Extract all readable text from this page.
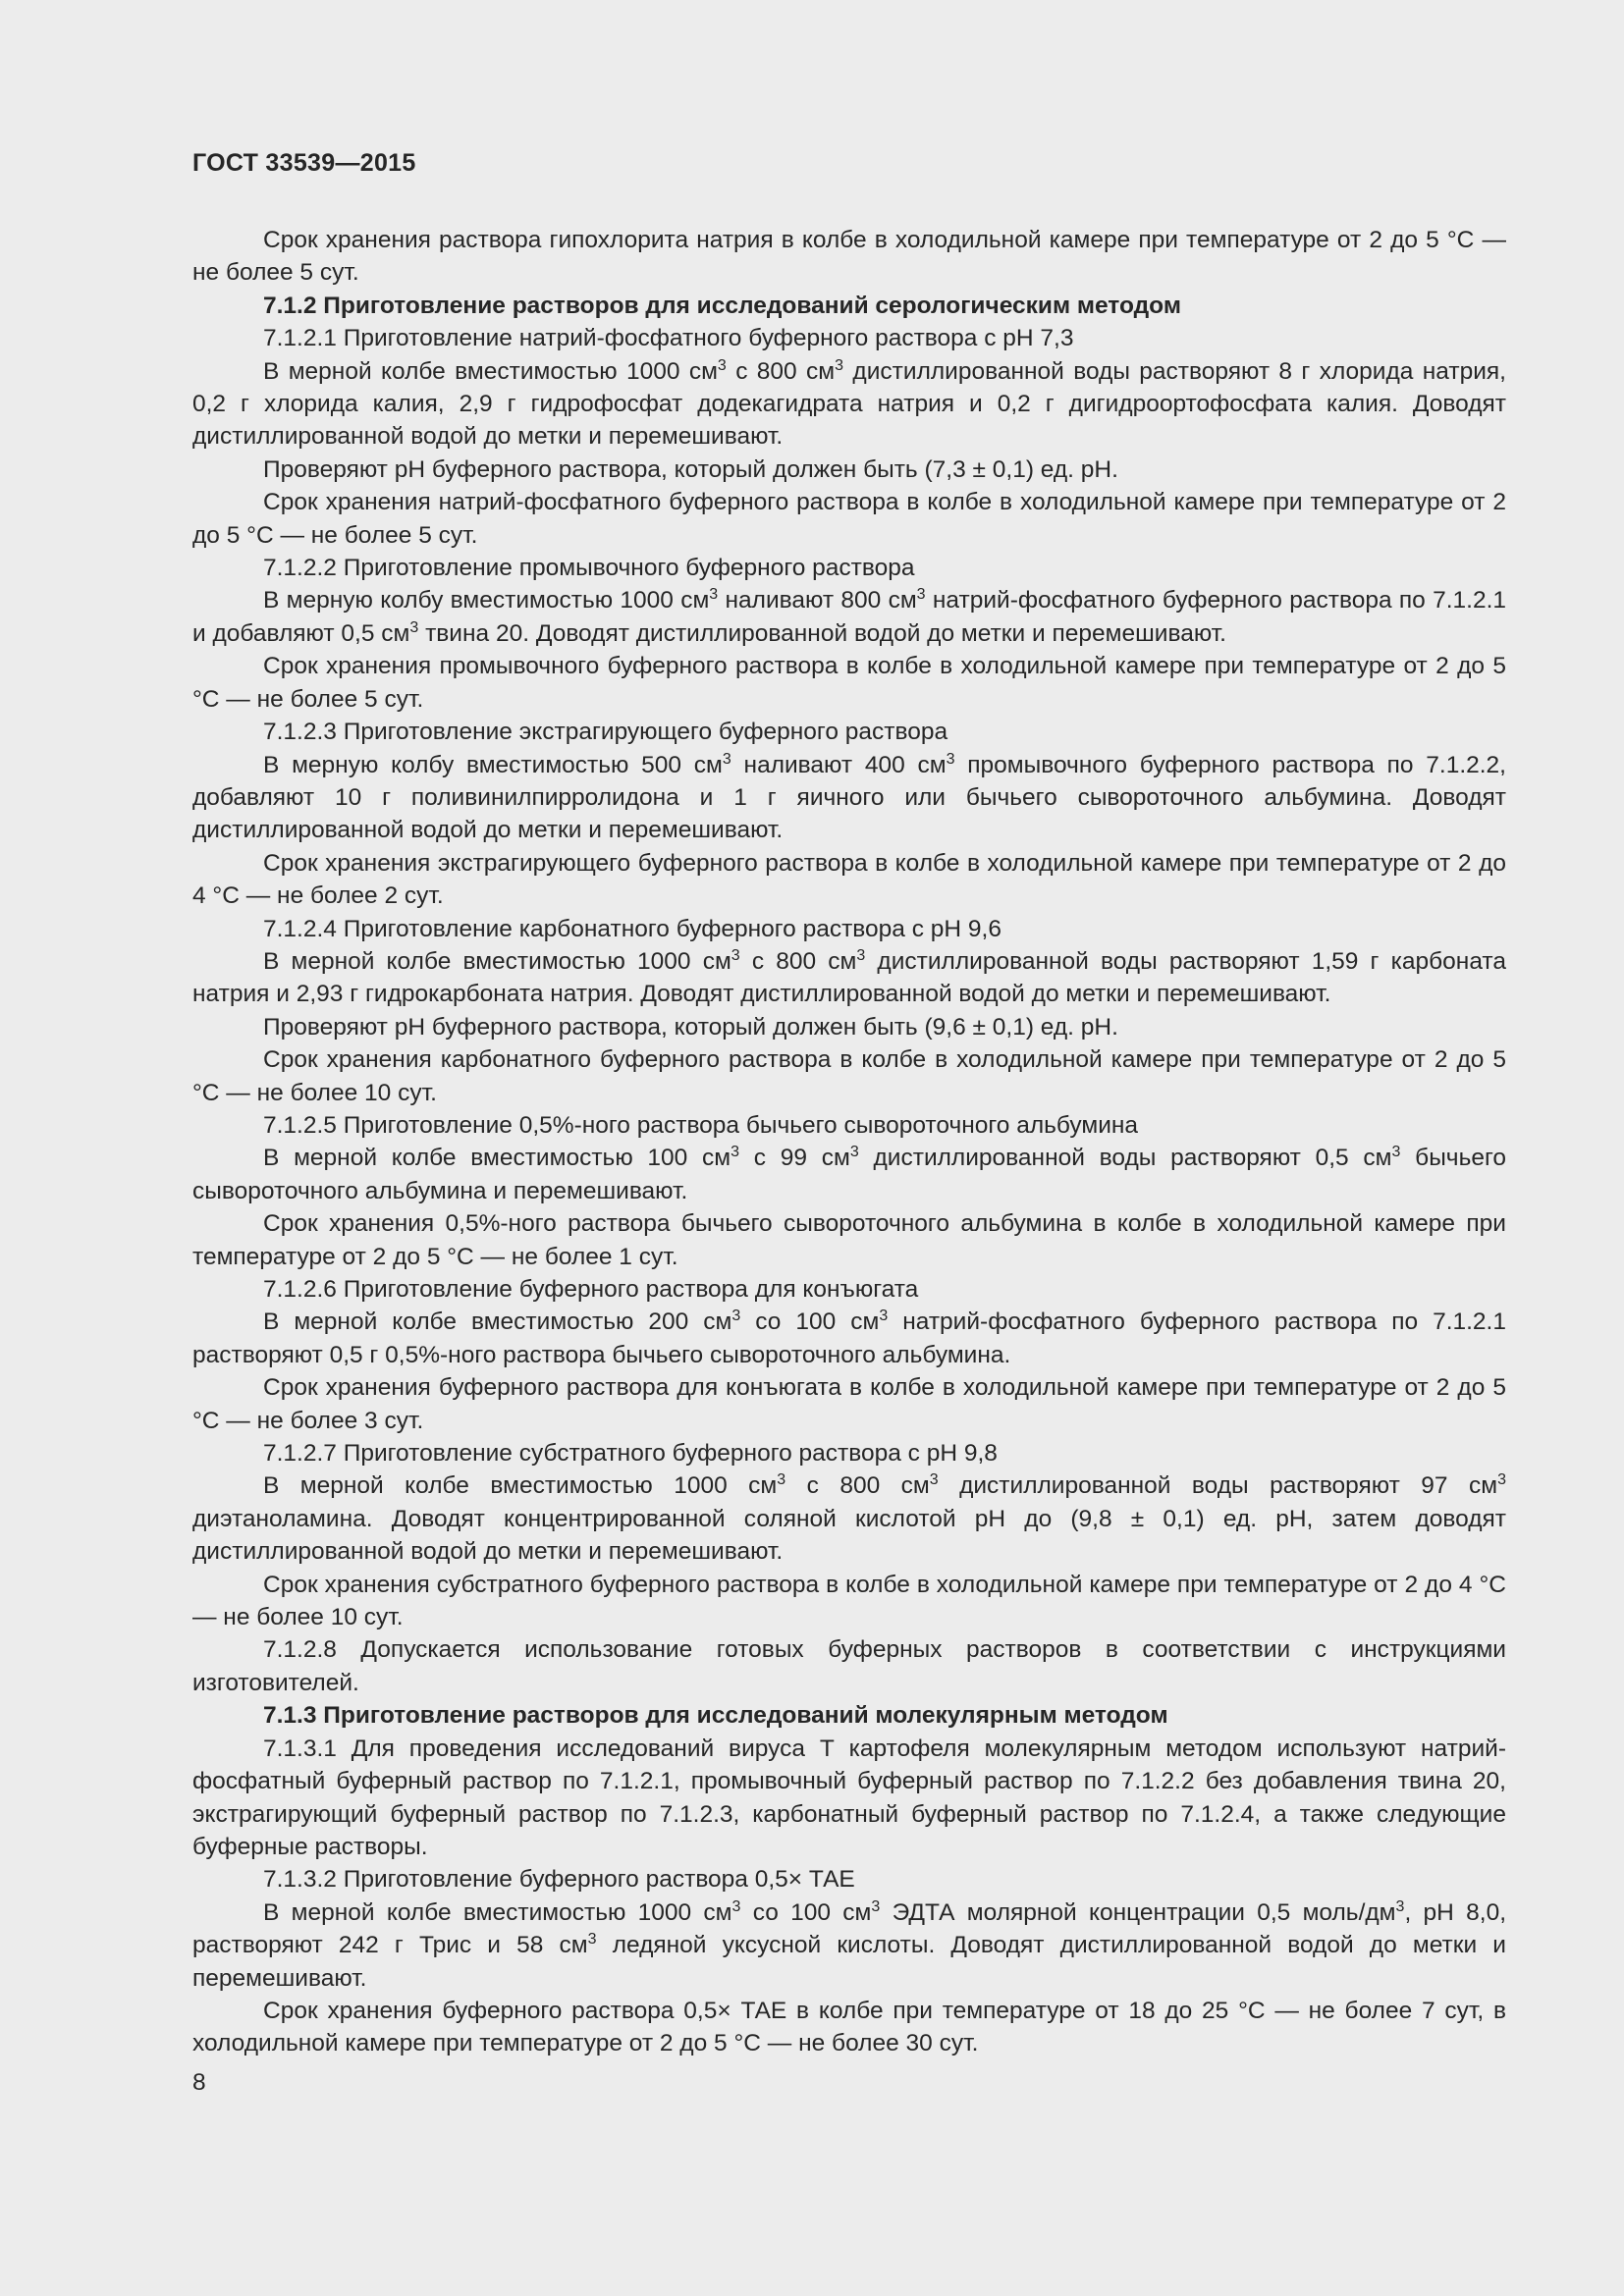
ГОСТ 33539—2015

Срок хранения раствора гипохлорита натрия в колбе в холодильной камере при температуре от 2 до 5 °С — не более 5 сут.

7.1.2 Приготовление растворов для исследований серологическим методом

7.1.2.1 Приготовление натрий-фосфатного буферного раствора с рН 7,3

В мерной колбе вместимостью 1000 $см^3$ с 800 $см^3$ дистиллированной воды растворяют 8 г хлорида натрия, 0,2 г хлорида калия, 2,9 г гидрофосфат додекагидрата натрия и 0,2 г дигидроортофосфата калия. Доводят дистиллированной водой до метки и перемешивают.

Проверяют рН буферного раствора, который должен быть (7,3 ± 0,1) ед. рН.

Срок хранения натрий-фосфатного буферного раствора в колбе в холодильной камере при температуре от 2 до 5 °С — не более 5 сут.

7.1.2.2 Приготовление промывочного буферного раствора

В мерную колбу вместимостью 1000 $см^3$ наливают 800 $см^3$ натрий-фосфатного буферного раствора по 7.1.2.1 и добавляют 0,5 $см^3$ твина 20. Доводят дистиллированной водой до метки и перемешивают.

Срок хранения промывочного буферного раствора в колбе в холодильной камере при температуре от 2 до 5 °С — не более 5 сут.

7.1.2.3 Приготовление экстрагирующего буферного раствора

В мерную колбу вместимостью 500 $см^3$ наливают 400 $см^3$ промывочного буферного раствора по 7.1.2.2, добавляют 10 г поливинилпирролидона и 1 г яичного или бычьего сывороточного альбумина. Доводят дистиллированной водой до метки и перемешивают.

Срок хранения экстрагирующего буферного раствора в колбе в холодильной камере при температуре от 2 до 4 °С — не более 2 сут.

7.1.2.4 Приготовление карбонатного буферного раствора с рН 9,6

В мерной колбе вместимостью 1000 $см^3$ с 800 $см^3$ дистиллированной воды растворяют 1,59 г карбоната натрия и 2,93 г гидрокарбоната натрия. Доводят дистиллированной водой до метки и перемешивают.

Проверяют рН буферного раствора, который должен быть (9,6 ± 0,1) ед. рН.

Срок хранения карбонатного буферного раствора в колбе в холодильной камере при температуре от 2 до 5 °С — не более 10 сут.

7.1.2.5 Приготовление 0,5%-ного раствора бычьего сывороточного альбумина

В мерной колбе вместимостью 100 $см^3$ с 99 $см^3$ дистиллированной воды растворяют 0,5 $см^3$ бычьего сывороточного альбумина и перемешивают.

Срок хранения 0,5%-ного раствора бычьего сывороточного альбумина в колбе в холодильной камере при температуре от 2 до 5 °С — не более 1 сут.

7.1.2.6 Приготовление буферного раствора для конъюгата

В мерной колбе вместимостью 200 $см^3$ со 100 $см^3$ натрий-фосфатного буферного раствора по 7.1.2.1 растворяют 0,5 г 0,5%-ного раствора бычьего сывороточного альбумина.

Срок хранения буферного раствора для конъюгата в колбе в холодильной камере при температуре от 2 до 5 °С — не более 3 сут.

7.1.2.7 Приготовление субстратного буферного раствора с рН 9,8

В мерной колбе вместимостью 1000 $см^3$ с 800 $см^3$ дистиллированной воды растворяют 97 $см^3$ диэтаноламина. Доводят концентрированной соляной кислотой рН до (9,8 ± 0,1) ед. рН, затем доводят дистиллированной водой до метки и перемешивают.

Срок хранения субстратного буферного раствора в колбе в холодильной камере при температуре от 2 до 4 °С — не более 10 сут.

7.1.2.8 Допускается использование готовых буферных растворов в соответствии с инструкциями изготовителей.

7.1.3 Приготовление растворов для исследований молекулярным методом

7.1.3.1 Для проведения исследований вируса Т картофеля молекулярным методом используют натрий-фосфатный буферный раствор по 7.1.2.1, промывочный буферный раствор по 7.1.2.2 без добавления твина 20, экстрагирующий буферный раствор по 7.1.2.3, карбонатный буферный раствор по 7.1.2.4, а также следующие буферные растворы.

7.1.3.2 Приготовление буферного раствора 0,5× ТАЕ

В мерной колбе вместимостью 1000 $см^3$ со 100 $см^3$ ЭДТА молярной концентрации 0,5 моль/$дм^3$, рН 8,0, растворяют 242 г Трис и 58 $см^3$ ледяной уксусной кислоты. Доводят дистиллированной водой до метки и перемешивают.

Срок хранения буферного раствора 0,5× ТАЕ в колбе при температуре от 18 до 25 °С — не более 7 сут, в холодильной камере при температуре от 2 до 5 °С — не более 30 сут.

8
